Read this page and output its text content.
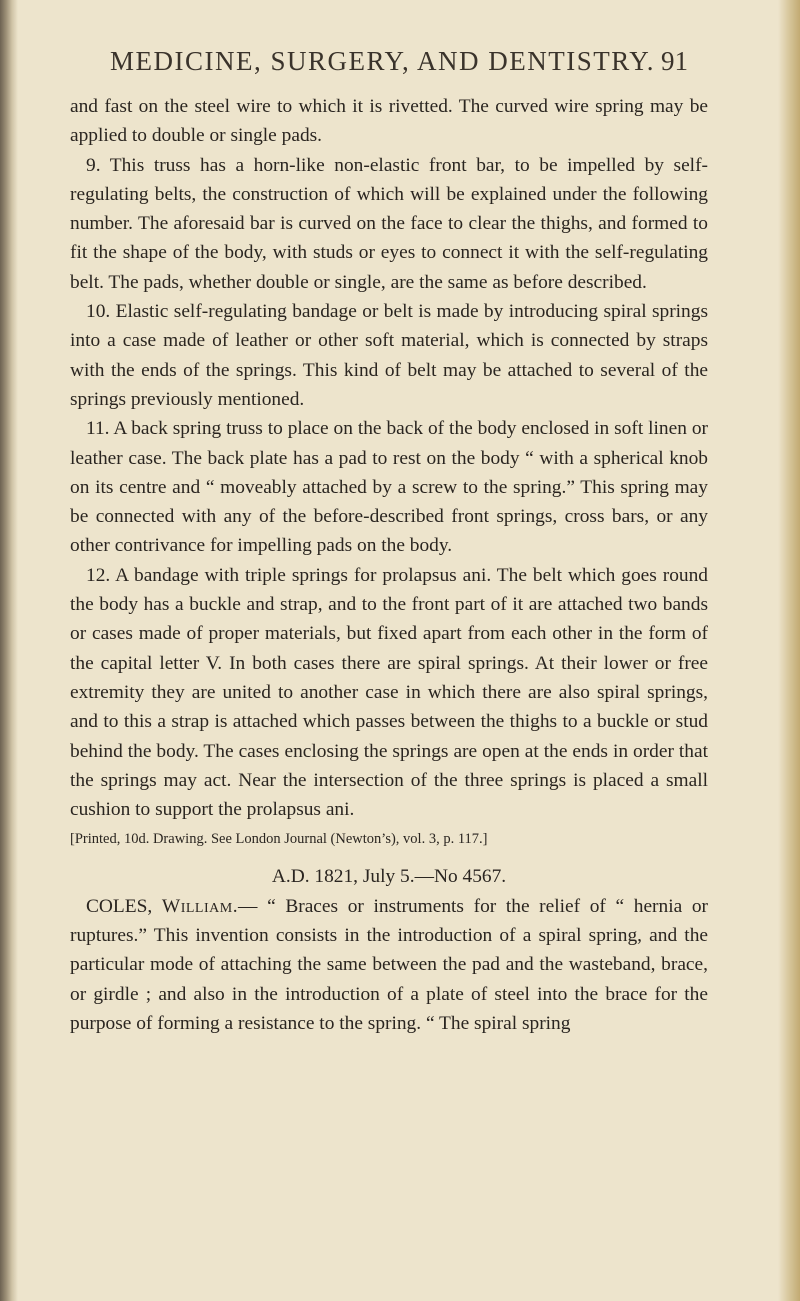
MEDICINE, SURGERY, AND DENTISTRY. 91

and fast on the steel wire to which it is rivetted. The curved wire spring may be applied to double or single pads.

9. This truss has a horn-like non-elastic front bar, to be impelled by self-regulating belts, the construction of which will be explained under the following number. The aforesaid bar is curved on the face to clear the thighs, and formed to fit the shape of the body, with studs or eyes to connect it with the self-regulating belt. The pads, whether double or single, are the same as before described.

10. Elastic self-regulating bandage or belt is made by introducing spiral springs into a case made of leather or other soft material, which is connected by straps with the ends of the springs. This kind of belt may be attached to several of the springs previously mentioned.

11. A back spring truss to place on the back of the body enclosed in soft linen or leather case. The back plate has a pad to rest on the body “ with a spherical knob on its centre and “ moveably attached by a screw to the spring.” This spring may be connected with any of the before-described front springs, cross bars, or any other contrivance for impelling pads on the body.

12. A bandage with triple springs for prolapsus ani. The belt which goes round the body has a buckle and strap, and to the front part of it are attached two bands or cases made of proper materials, but fixed apart from each other in the form of the capital letter V. In both cases there are spiral springs. At their lower or free extremity they are united to another case in which there are also spiral springs, and to this a strap is attached which passes between the thighs to a buckle or stud behind the body. The cases enclosing the springs are open at the ends in order that the springs may act. Near the intersection of the three springs is placed a small cushion to support the prolapsus ani.

[Printed, 10d. Drawing. See London Journal (Newton’s), vol. 3, p. 117.]

A.D. 1821, July 5.—No 4567.

COLES, William.— “ Braces or instruments for the relief of “ hernia or ruptures.” This invention consists in the introduction of a spiral spring, and the particular mode of attaching the same between the pad and the wasteband, brace, or girdle ; and also in the introduction of a plate of steel into the brace for the purpose of forming a resistance to the spring. “ The spiral spring
